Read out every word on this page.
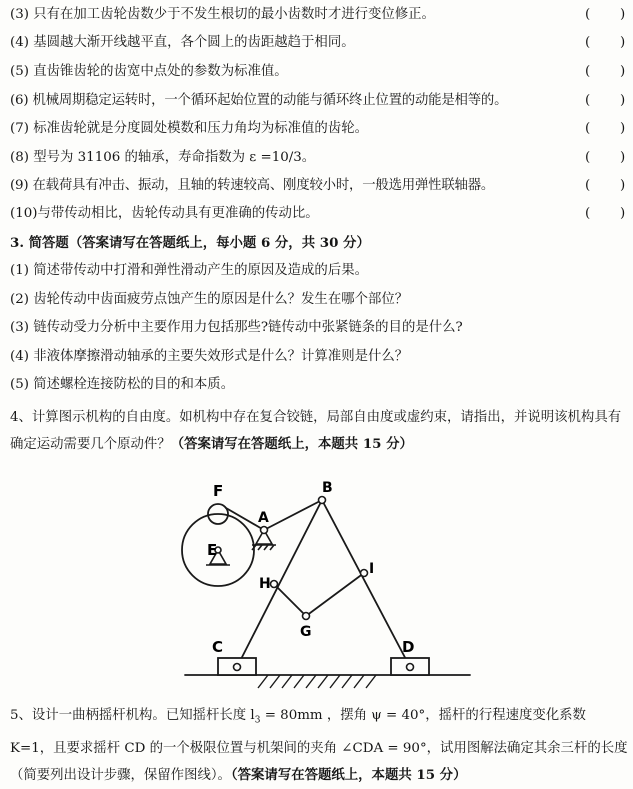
(3) 只有在加工齿轮齿数少于不发生根切的最小齿数时才进行变位修正。	(       )
(4) 基圆越大渐开线越平直，各个圆上的齿距越趋于相同。	(       )
(5) 直齿锥齿轮的齿宽中点处的参数为标准值。	(       )
(6) 机械周期稳定运转时，一个循环起始位置的动能与循环终止位置的动能是相等的。	(       )
(7) 标准齿轮就是分度圆处模数和压力角均为标准值的齿轮。	(       )
(8) 型号为 31106 的轴承，寿命指数为 ε =10/3。	(       )
(9) 在载荷具有冲击、振动，且轴的转速较高、刚度较小时，一般选用弹性联轴器。	(       )
(10)与带传动相比，齿轮传动具有更准确的传动比。	(       )
3. 简答题（答案请写在答题纸上，每小题 6 分，共 30 分）
(1) 简述带传动中打滑和弹性滑动产生的原因及造成的后果。
(2) 齿轮传动中齿面疲劳点蚀产生的原因是什么？发生在哪个部位？
(3) 链传动受力分析中主要作用力包括那些?链传动中张紧链条的目的是什么?
(4) 非液体摩擦滑动轴承的主要失效形式是什么？计算准则是什么？
(5) 简述螺栓连接防松的目的和本质。
4、计算图示机构的自由度。如机构中存在复合铰链，局部自由度或虚约束，请指出，并说明该机构具有确定运动需要几个原动件？（答案请写在答题纸上，本题共 15 分）
F
A
B
E
H
I
G
C	D
5、设计一曲柄摇杆机构。已知摇杆长度 $l_3 = 80mm$ ，摆角 ψ = 40°，摇杆的行程速度变化系数 K=1，且要求摇杆 CD 的一个极限位置与机架间的夹角 ∠CDA = 90°，试用图解法确定其余三杆的长度（简要列出设计步骤，保留作图线）。（答案请写在答题纸上，本题共 15 分）
